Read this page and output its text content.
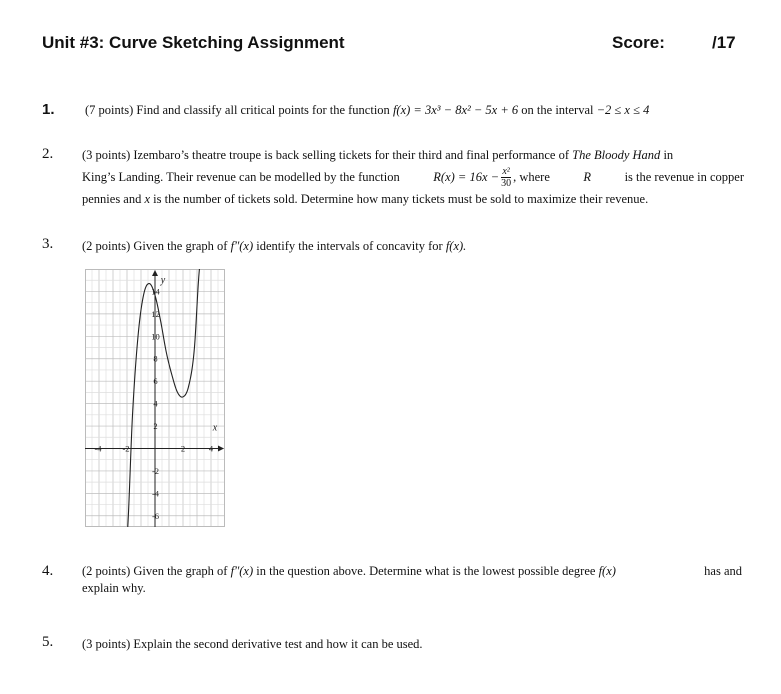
Unit #3: Curve Sketching Assignment	Score:	/17
1. (7 points) Find and classify all critical points for the function f(x) = 3x³ − 8x² − 5x + 6 on the interval −2 ≤ x ≤ 4
2. (3 points) Izembaro’s theatre troupe is back selling tickets for their third and final performance of The Bloody Hand in
King’s Landing. Their revenue can be modelled by the function	$R(x) = 16x - \frac{\text{x²}}{30}$ , where	R	is the revenue in copper
pennies and x is the number of tickets sold. Determine how many tickets must be sold to maximize their revenue.
3. (2 points) Given the graph of f″(x) identify the intervals of concavity for f(x).
-4 -2	2	4
14
12
10
8
6
4
2
-2
-4
-6
x
y
4. (2 points) Given the graph of f″(x) in the question above. Determine what is the lowest possible degree f(x)	has and
explain why.
5. (3 points) Explain the second derivative test and how it can be used.
